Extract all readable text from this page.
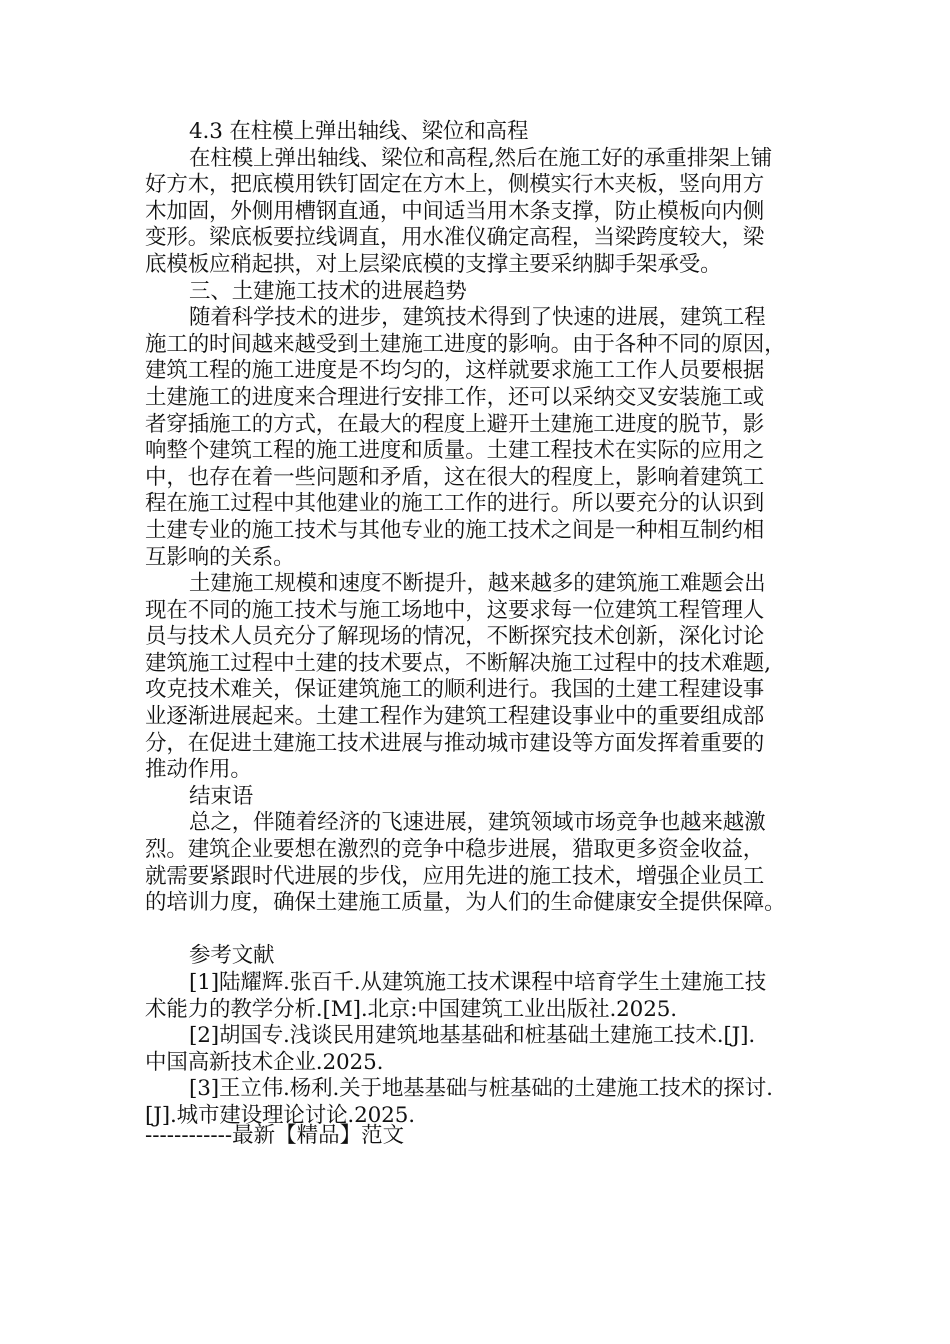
4.3 在柱模上弹出轴线、梁位和高程
在柱模上弹出轴线、梁位和高程,然后在施工好的承重排架上铺
好方木，把底模用铁钉固定在方木上，侧模实行木夹板，竖向用方
木加固，外侧用槽钢直通，中间适当用木条支撑，防止模板向内侧
变形。梁底板要拉线调直，用水准仪确定高程，当梁跨度较大，梁
底模板应稍起拱，对上层梁底模的支撑主要采纳脚手架承受。
三、土建施工技术的进展趋势
随着科学技术的进步，建筑技术得到了快速的进展，建筑工程
施工的时间越来越受到土建施工进度的影响。由于各种不同的原因，
建筑工程的施工进度是不均匀的，这样就要求施工工作人员要根据
土建施工的进度来合理进行安排工作，还可以采纳交叉安装施工或
者穿插施工的方式，在最大的程度上避开土建施工进度的脱节，影
响整个建筑工程的施工进度和质量。土建工程技术在实际的应用之
中，也存在着一些问题和矛盾，这在很大的程度上，影响着建筑工
程在施工过程中其他建业的施工工作的进行。所以要充分的认识到
土建专业的施工技术与其他专业的施工技术之间是一种相互制约相
互影响的关系。
土建施工规模和速度不断提升，越来越多的建筑施工难题会出
现在不同的施工技术与施工场地中，这要求每一位建筑工程管理人
员与技术人员充分了解现场的情况，不断探究技术创新，深化讨论
建筑施工过程中土建的技术要点，不断解决施工过程中的技术难题,
攻克技术难关，保证建筑施工的顺利进行。我国的土建工程建设事
业逐渐进展起来。土建工程作为建筑工程建设事业中的重要组成部
分，在促进土建施工技术进展与推动城市建设等方面发挥着重要的
推动作用。
结束语
总之，伴随着经济的飞速进展，建筑领域市场竞争也越来越激
烈。建筑企业要想在激烈的竞争中稳步进展，猎取更多资金收益，
就需要紧跟时代进展的步伐，应用先进的施工技术，增强企业员工
的培训力度，确保土建施工质量，为人们的生命健康安全提供保障。
参考文献
[1]陆耀辉.张百千.从建筑施工技术课程中培育学生土建施工技
术能力的教学分析.[M].北京:中国建筑工业出版社.2025.
[2]胡国专.浅谈民用建筑地基基础和桩基础土建施工技术.[J].
中国高新技术企业.2025.
[3]王立伟.杨利.关于地基基础与桩基础的土建施工技术的探讨.
[J].城市建设理论讨论.2025.
------------最新【精品】范文
